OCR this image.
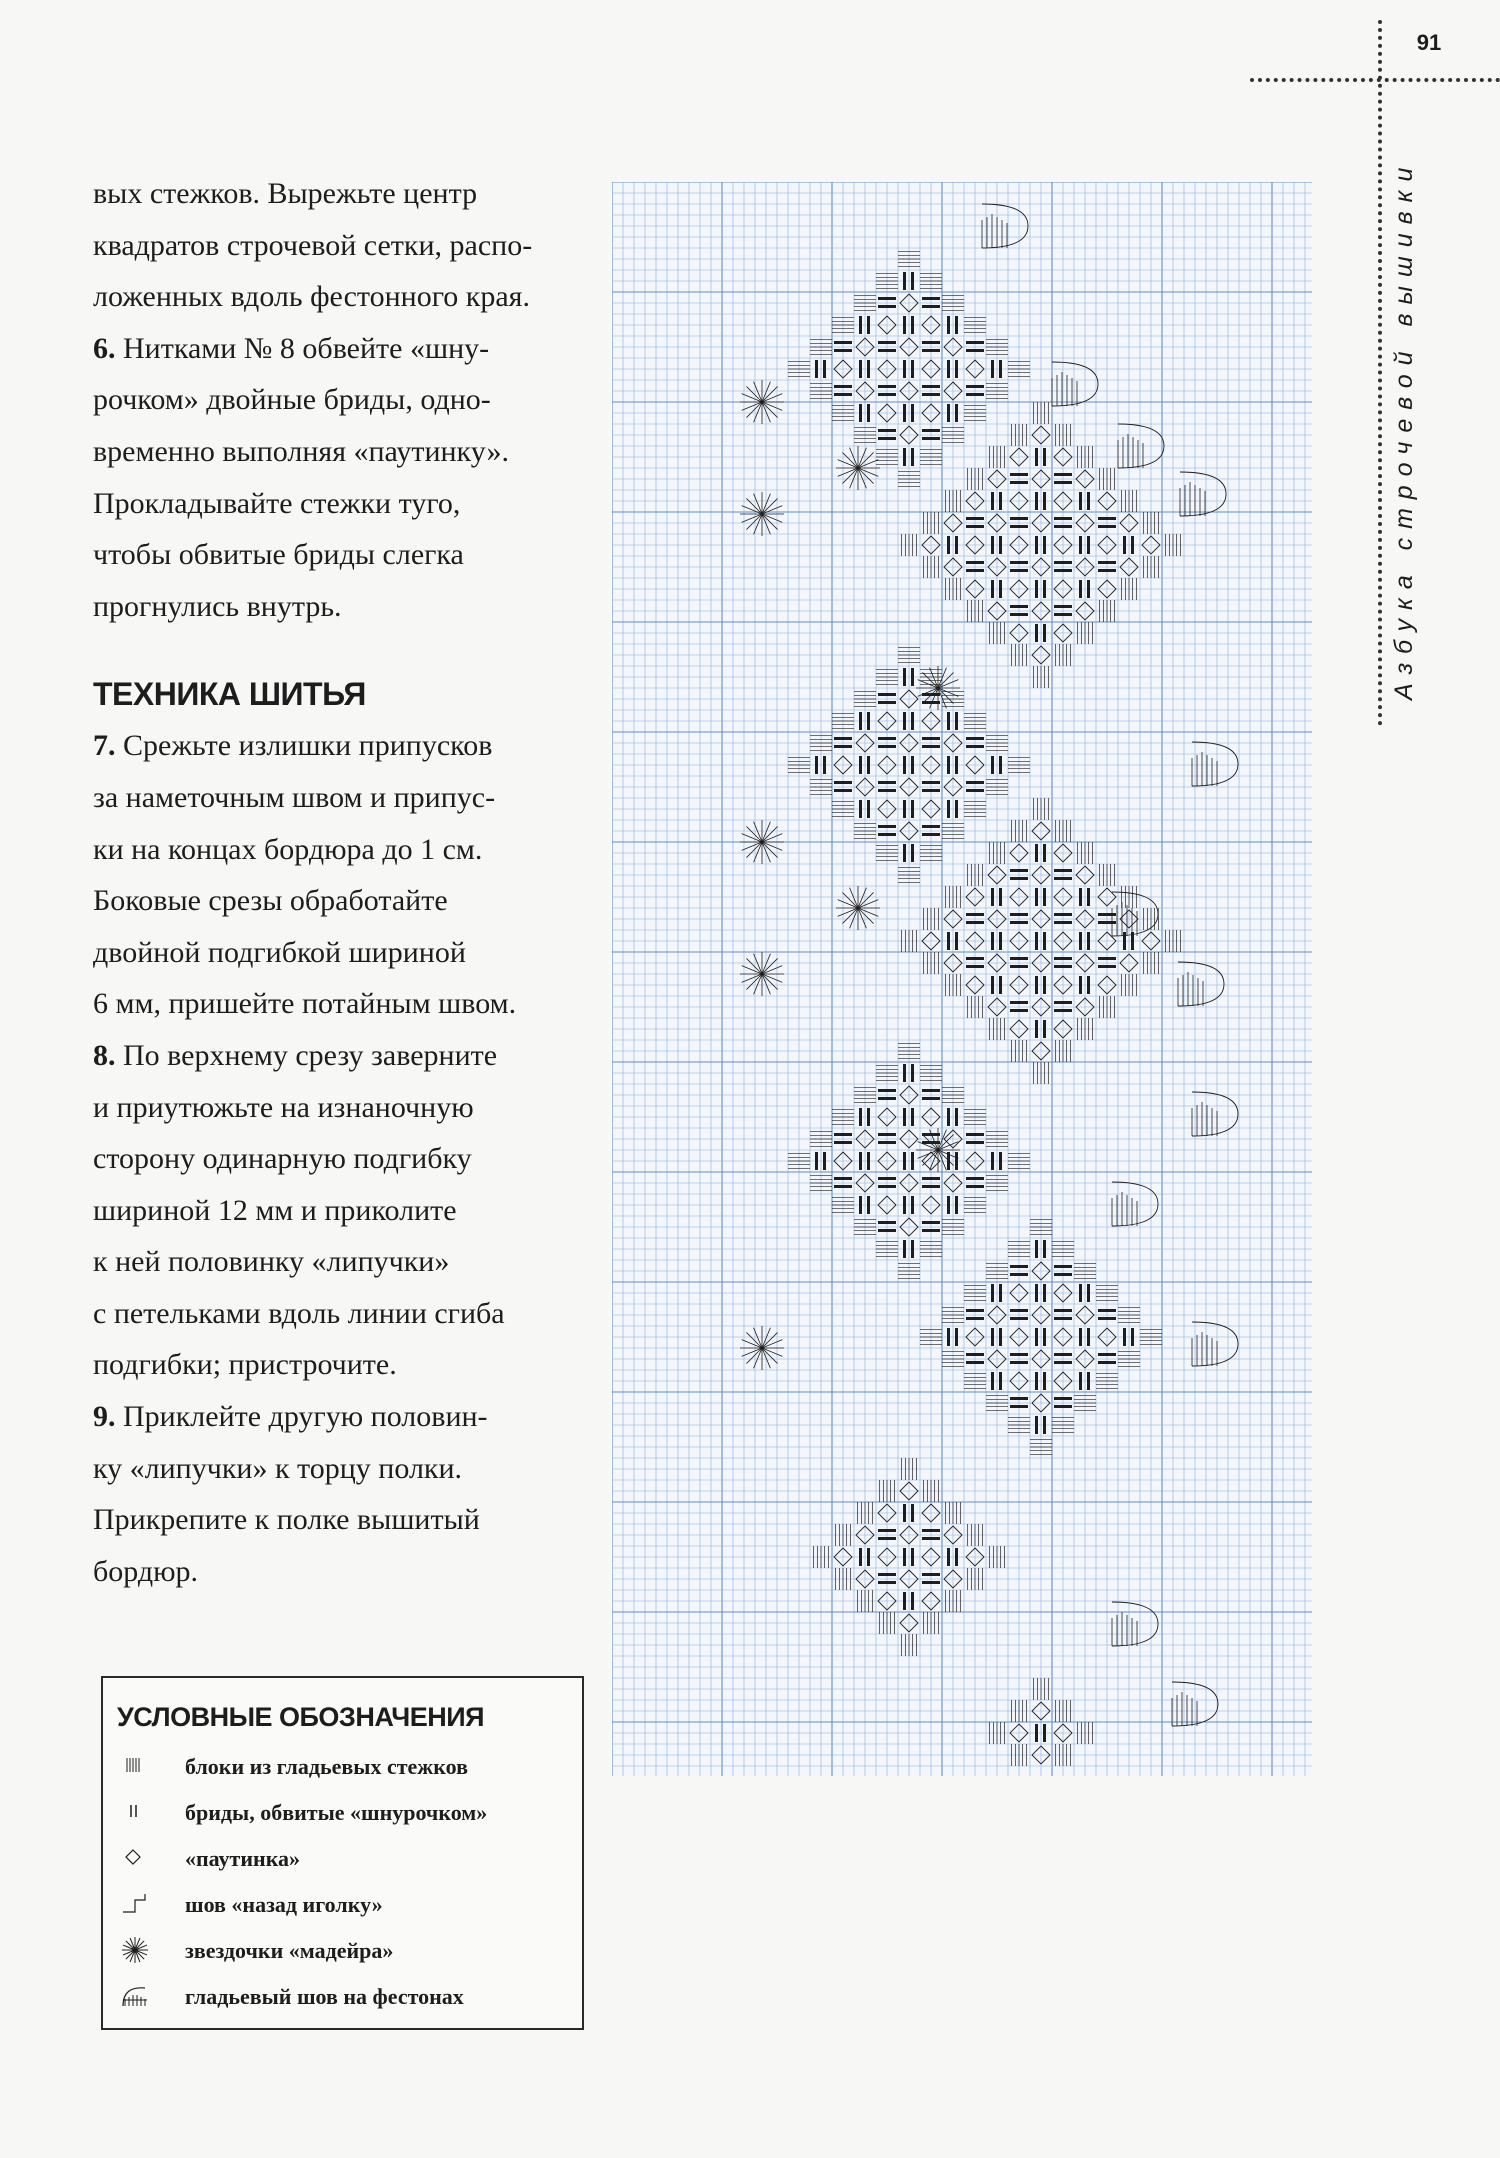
91
Азбука строчевой вышивки
вых стежков. Вырежьте центр
квадратов строчевой сетки, распо-
ложенных вдоль фестонного края.
6. Нитками № 8 обвейте «шну-
рочком» двойные бриды, одно-
временно выполняя «паутинку».
Прокладывайте стежки туго,
чтобы обвитые бриды слегка
прогнулись внутрь.
ТЕХНИКА ШИТЬЯ
7. Срежьте излишки припусков
за наметочным швом и припус-
ки на концах бордюра до 1 см.
Боковые срезы обработайте
двойной подгибкой шириной
6 мм, пришейте потайным швом.
8. По верхнему срезу заверните
и приутюжьте на изнаночную
сторону одинарную подгибку
шириной 12 мм и приколите
к ней половинку «липучки»
с петельками вдоль линии сгиба
подгибки; пристрочите.
9. Приклейте другую половин-
ку «липучки» к торцу полки.
Прикрепите к полке вышитый
бордюр.
УСЛОВНЫЕ ОБОЗНАЧЕНИЯ
блоки из гладьевых стежков
бриды, обвитые «шнурочком»
«паутинка»
шов «назад иголку»
звездочки «мадейра»
гладьевый шов на фестонах
